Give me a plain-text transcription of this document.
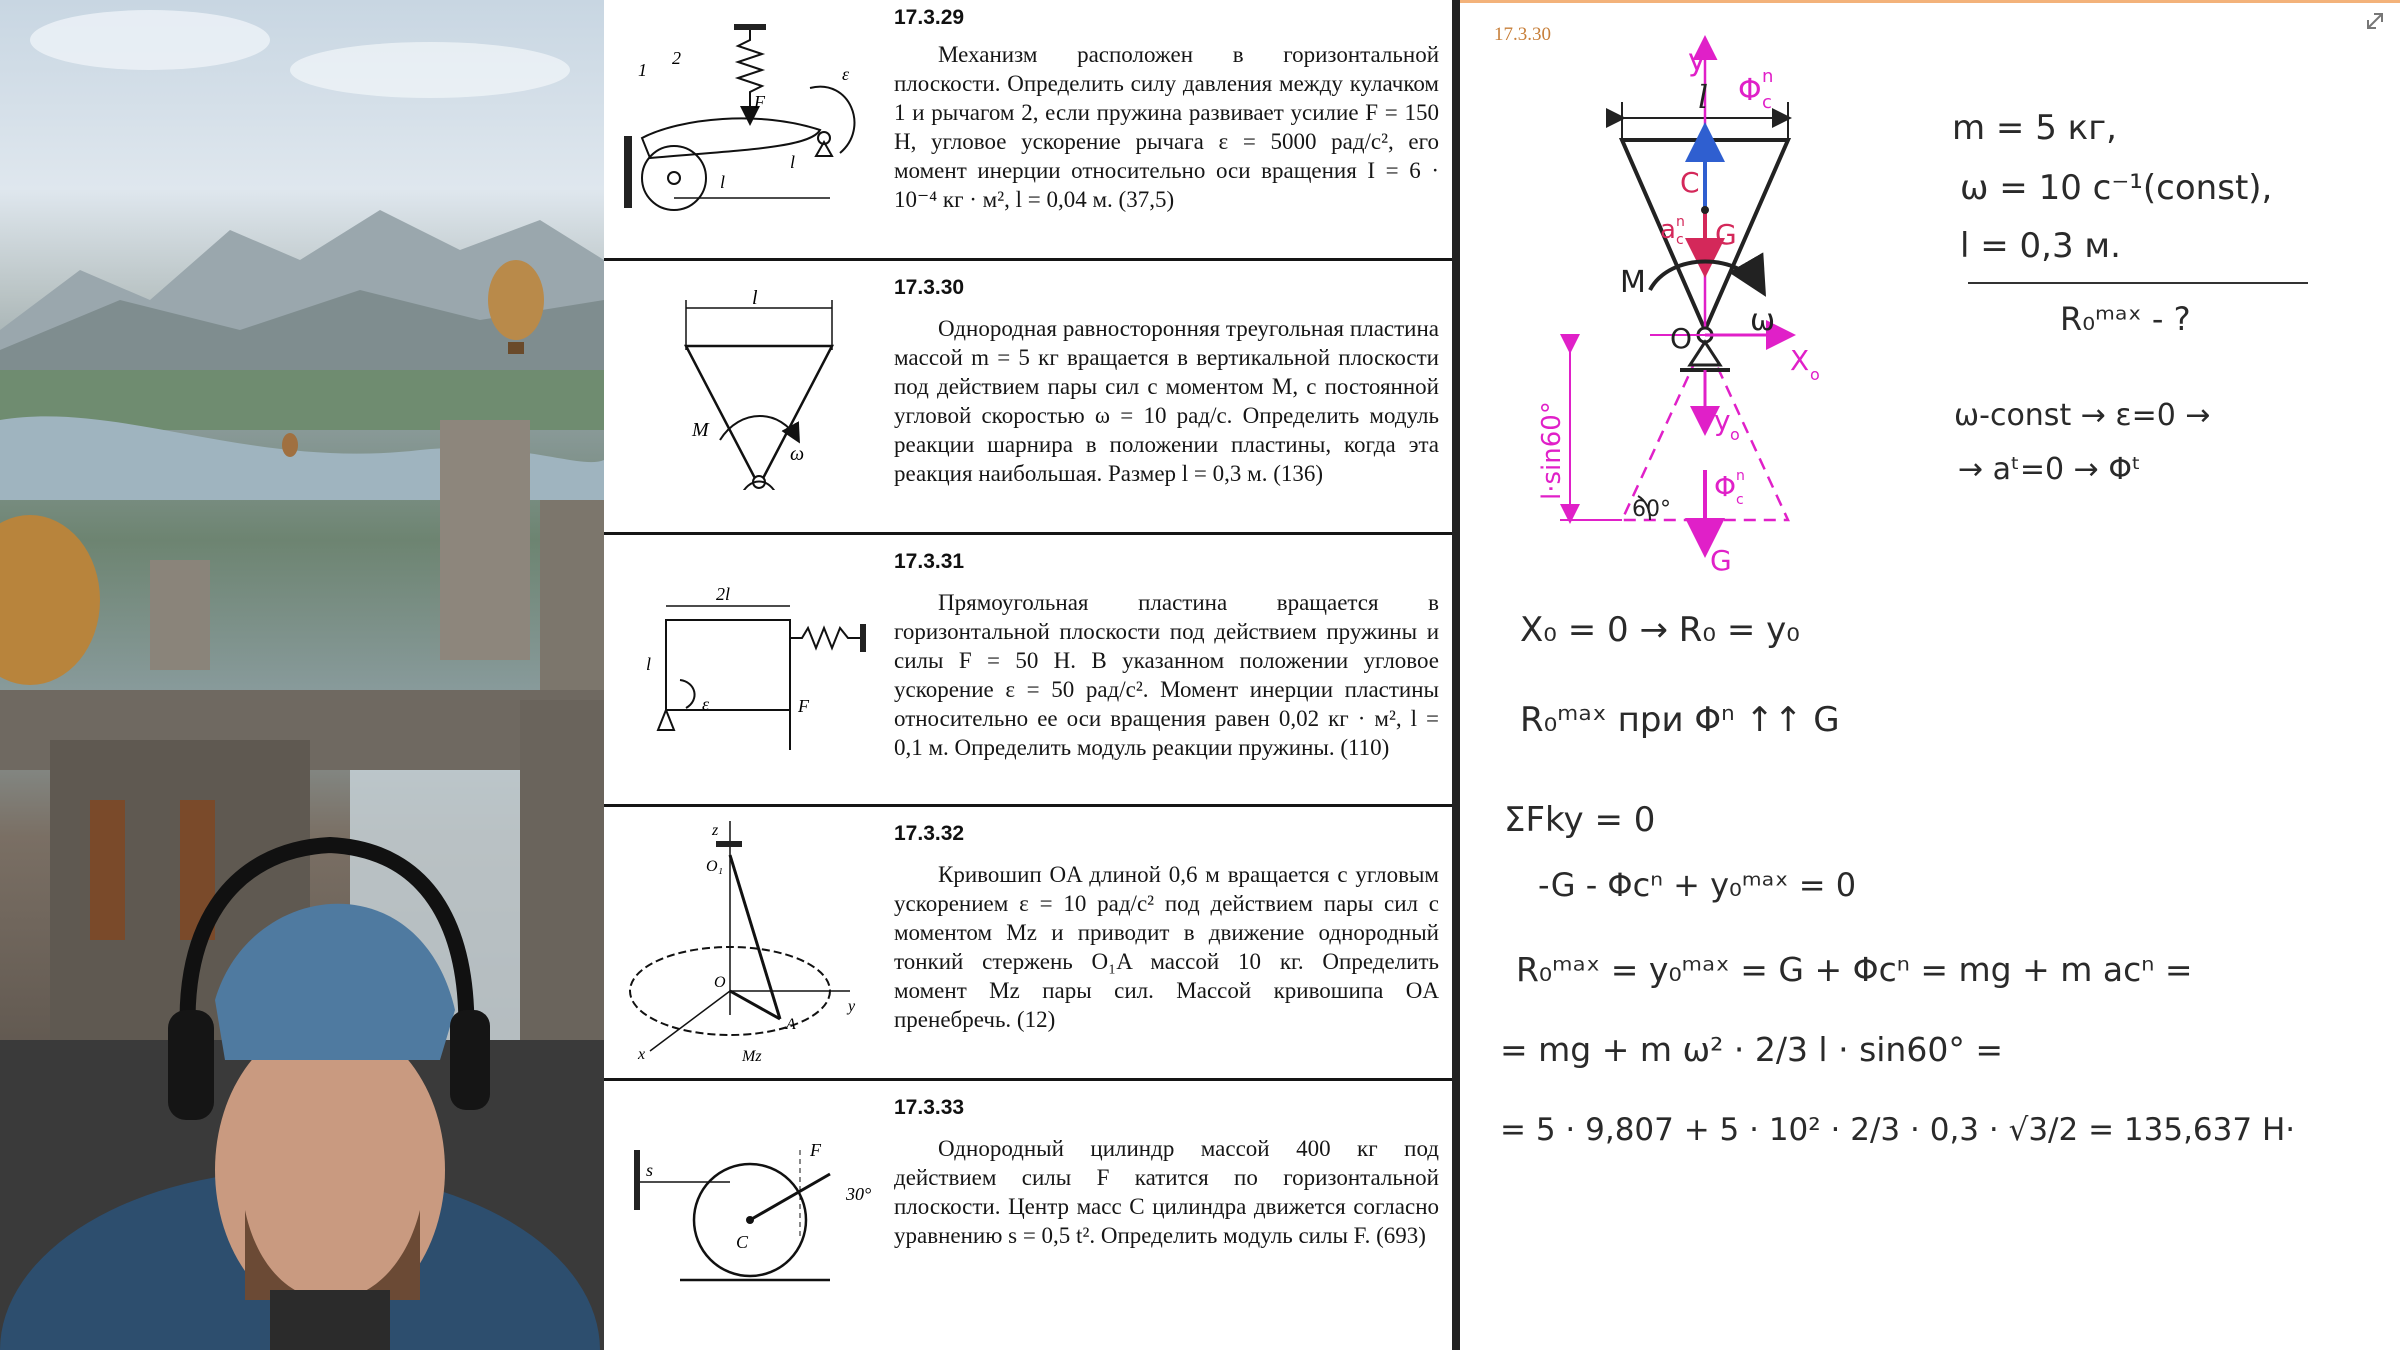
1
2
F
ε
l
l
17.3.29

Механизм расположен в горизонтальной плоскости. Определить силу давления между кулачком 1 и рычагом 2, если пружина развивает усилие F = 150 Н, угловое ускорение рычага ε = 5000 рад/с², его момент инерции относительно оси вращения I = 6 · 10⁻⁴ кг · м², l = 0,04 м. (37,5)

l
M
ω
17.3.30

Однородная равносторонняя треугольная пластина массой m = 5 кг вращается в вертикальной плоскости под действием пары сил с моментом M, с постоянной угловой скоростью ω = 10 рад/с. Определить модуль реакции шарнира в положении пластины, когда эта реакция наибольшая. Размер l = 0,3 м. (136)

2l
l
ε	F
17.3.31

Прямоугольная пластина вращается в горизонтальной плоскости под действием пружины и силы F = 50 Н. В указанном положении угловое ускорение ε = 50 рад/с². Момент инерции пластины относительно ее оси вращения равен 0,02 кг · м², l = 0,1 м. Определить модуль реакции пружины. (110)

z
O₁
O
y
x
A
Mz
17.3.32

Кривошип OA длиной 0,6 м вращается с угловым ускорением ε = 10 рад/с² под действием пары сил с моментом Mz и приводит в движение однородный тонкий стержень O₁A массой 10 кг. Определить момент Mz пары сил. Массой кривошипа OA пренебречь. (12)

s
F
30°
C
17.3.33

Однородный цилиндр массой 400 кг под действием силы F катится по горизонтальной плоскости. Центр масс C цилиндра движется согласно уравнению s = 0,5 t². Определить модуль силы F. (693)

17.3.30
y
Φ n
c
l
C
a n
c G
M
O
ω
X o
y o
Φ n
c
G
l·sin60°
60°
m = 5 кг,
ω = 10 с⁻¹(const),
l = 0,3 м.
R₀ᵐᵃˣ - ?
ω-const → ε=0 →
→ aᵗ=0 → Φᵗ
X₀ = 0 → R₀ = y₀
R₀ᵐᵃˣ при Φⁿ ↑↑ G
ΣFky = 0
-G - Φcⁿ + y₀ᵐᵃˣ = 0
R₀ᵐᵃˣ = y₀ᵐᵃˣ = G + Φcⁿ = mg + m acⁿ =
= mg + m ω² · 2/3 l · sin60° =
= 5 · 9,807 + 5 · 10² · 2/3 · 0,3 · √3/2 = 135,637 Н·
